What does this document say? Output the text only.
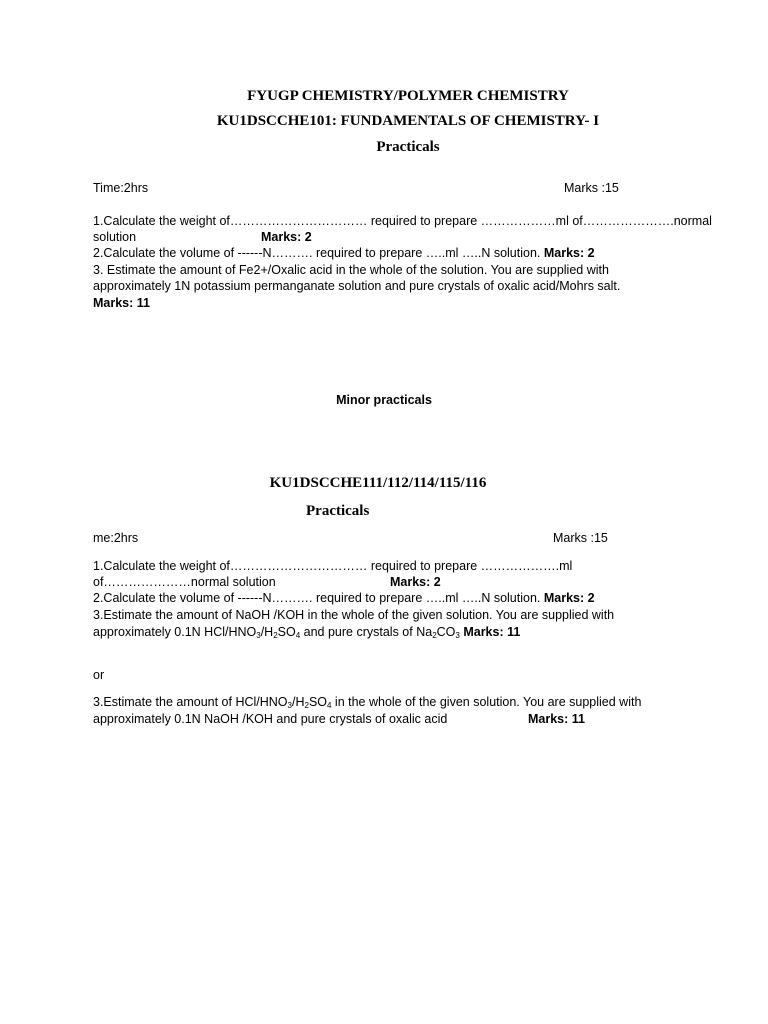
FYUGP CHEMISTRY/POLYMER CHEMISTRY
KU1DSCCHE101: FUNDAMENTALS OF CHEMISTRY- I
Practicals
Time:2hrs	Marks :15
1.Calculate the weight of…………………………… required to prepare ………………ml of………………….normal
solution	Marks: 2
2.Calculate the volume of ------N………. required to prepare …..ml …..N solution. Marks: 2
3. Estimate the amount of Fe2+/Oxalic acid in the whole of the solution. You are supplied with
approximately 1N potassium permanganate solution and pure crystals of oxalic acid/Mohrs salt.
Marks: 11
Minor practicals
KU1DSCCHE111/112/114/115/116
Practicals
me:2hrs	Marks :15
1.Calculate the weight of…………………………… required to prepare ……………….ml
of…………………normal solution	Marks: 2
2.Calculate the volume of ------N………. required to prepare …..ml …..N solution. Marks: 2
3.Estimate the amount of NaOH /KOH in the whole of the given solution. You are supplied with
approximately 0.1N HCl/$HNO_3/H_2SO_4$ and pure crystals of $Na_2CO_3$ Marks: 11
or
3.Estimate the amount of HCl/$HNO_3/H_2SO_4$ in the whole of the given solution. You are supplied with
approximately 0.1N NaOH /KOH and pure crystals of oxalic acid	Marks: 11
